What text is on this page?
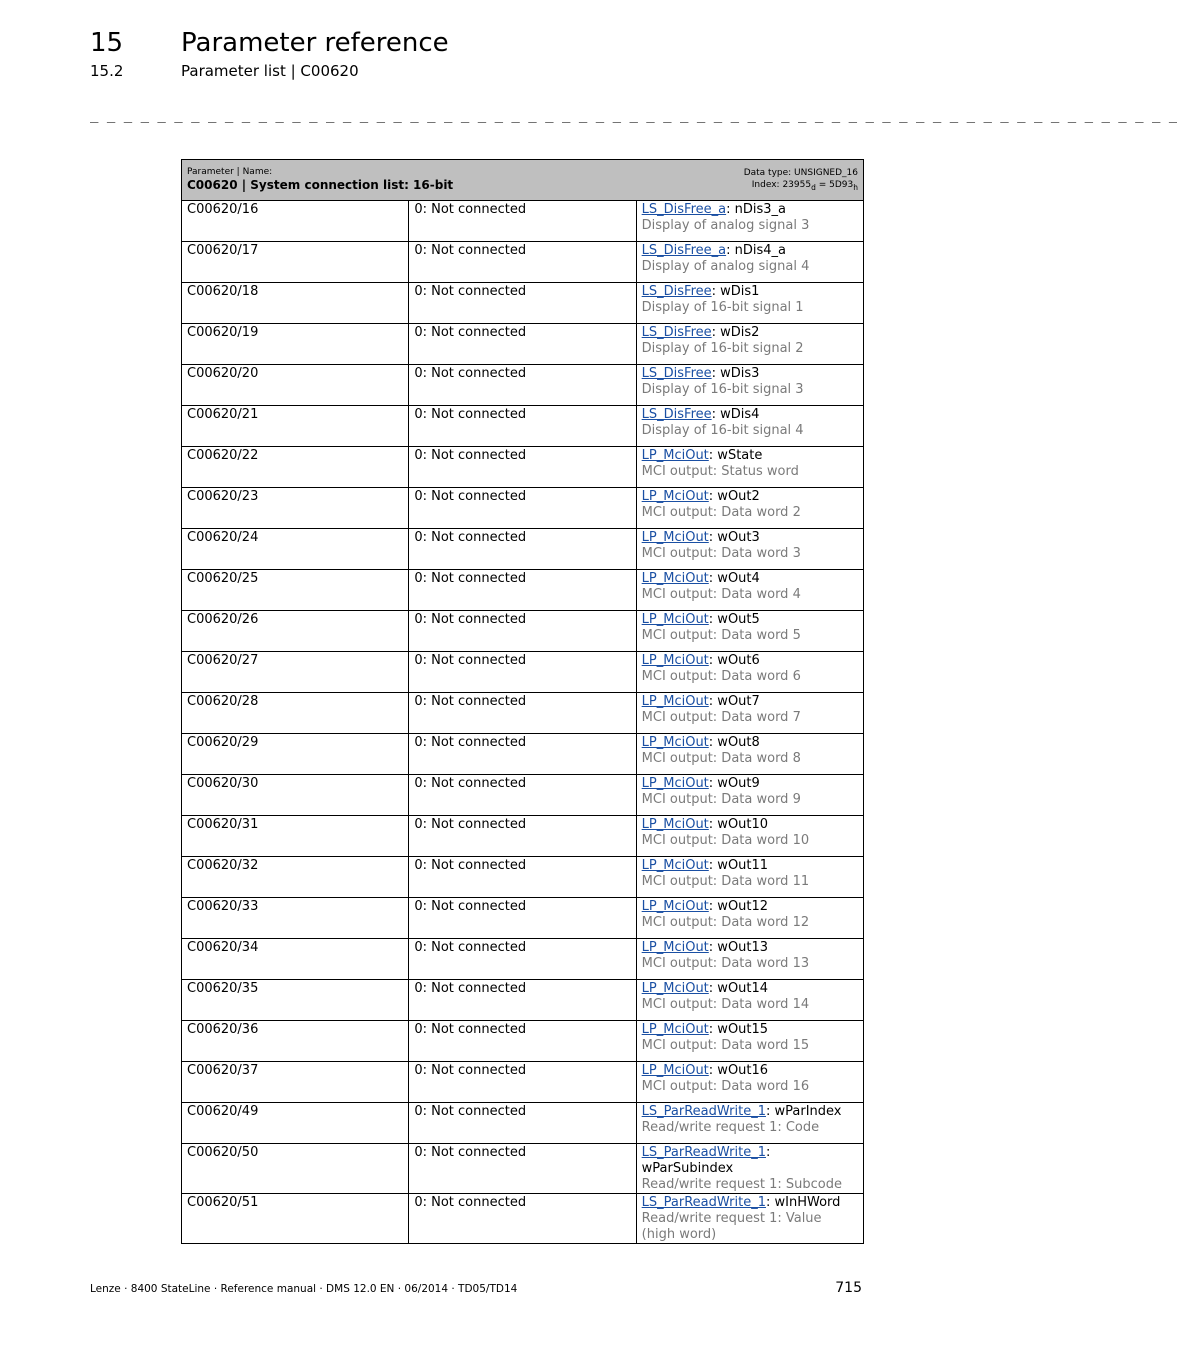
15 Parameter reference
15.2	Parameter list | C00620
_ _ _ _ _ _ _ _ _ _ _ _ _ _ _ _ _ _ _ _ _ _ _ _ _ _ _ _ _ _ _ _ _ _ _ _ _ _ _ _ _ _ _ _ _ _ _ _ _ _ _ _ _ _ _ _ _ _ _ _ _ _ _ _ _
Parameter | Name:
C00620 | System connection list: 16-bit
Data type: UNSIGNED_16
Index: $23955_d = 5D93_h$

C00620/16	0: Not connected	LS_DisFree_a: nDis3_a
Display of analog signal 3

C00620/17	0: Not connected	LS_DisFree_a: nDis4_a
Display of analog signal 4

C00620/18	0: Not connected	LS_DisFree: wDis1
Display of 16-bit signal 1

C00620/19	0: Not connected	LS_DisFree: wDis2
Display of 16-bit signal 2

C00620/20	0: Not connected	LS_DisFree: wDis3
Display of 16-bit signal 3

C00620/21	0: Not connected	LS_DisFree: wDis4
Display of 16-bit signal 4

C00620/22	0: Not connected	LP_MciOut: wState
MCI output: Status word

C00620/23	0: Not connected	LP_MciOut: wOut2
MCI output: Data word 2

C00620/24	0: Not connected	LP_MciOut: wOut3
MCI output: Data word 3

C00620/25	0: Not connected	LP_MciOut: wOut4
MCI output: Data word 4

C00620/26	0: Not connected	LP_MciOut: wOut5
MCI output: Data word 5

C00620/27	0: Not connected	LP_MciOut: wOut6
MCI output: Data word 6

C00620/28	0: Not connected	LP_MciOut: wOut7
MCI output: Data word 7

C00620/29	0: Not connected	LP_MciOut: wOut8
MCI output: Data word 8

C00620/30	0: Not connected	LP_MciOut: wOut9
MCI output: Data word 9

C00620/31	0: Not connected	LP_MciOut: wOut10
MCI output: Data word 10

C00620/32	0: Not connected	LP_MciOut: wOut11
MCI output: Data word 11

C00620/33	0: Not connected	LP_MciOut: wOut12
MCI output: Data word 12

C00620/34	0: Not connected	LP_MciOut: wOut13
MCI output: Data word 13

C00620/35	0: Not connected	LP_MciOut: wOut14
MCI output: Data word 14

C00620/36	0: Not connected	LP_MciOut: wOut15
MCI output: Data word 15

C00620/37	0: Not connected	LP_MciOut: wOut16
MCI output: Data word 16

C00620/49	0: Not connected	LS_ParReadWrite_1: wParIndex
Read/write request 1: Code

C00620/50	0: Not connected	LS_ParReadWrite_1: wParSubindex
Read/write request 1: Subcode

C00620/51	0: Not connected	LS_ParReadWrite_1: wInHWord
Read/write request 1: Value (high word)
Lenze · 8400 StateLine · Reference manual · DMS 12.0 EN · 06/2014 · TD05/TD14	715
